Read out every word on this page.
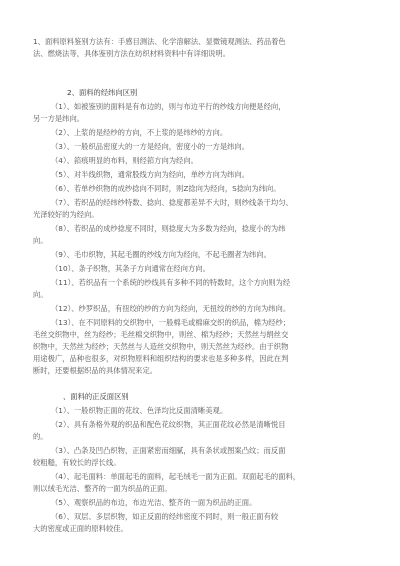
1、面料原料鉴别方法有：手感目测法、化学溶解法、显微镜观测法、药品着色
法、燃烧法等，具体鉴别方法在纺织材料资料中有详细说明。
2、面料的经纬向区别
（1）、如被鉴别的面料是有布边的，则与布边平行的纱线方向便是经向，
另一方是纬向。
（2）、上浆的是经纱的方向，不上浆的是纬纱的方向。
（3）、一般织品密度大的一方是经向，密度小的一方是纬向。
（4）、筘痕明显的布料，则经筘方向为经向。
（5）、对半线织物，通常股线方向为经向，单纱方向为纬向。
（6）、若单纱织物的成纱捻向不同时，则Z捻向为经向，S捻向为纬向。
（7）、若织品的经纬纱特数、捻向、捻度都差异不大时，则纱线条干均匀、
光泽较好的为经向。
（8）、若织品的成纱捻度不同时，则捻度大为多数为经向，捻度小的为纬
向。
（9）、毛巾织物，其起毛圈的纱线方向为经向，不起毛圈者为纬向。
（10）、条子织物，其条子方向通常在经向方向。
（11）、若织品有一个系统的纱线具有多种不同的特数时，这个方向则为经
向。
（12）、纱罗织品，有扭绞的纱的方向为经向，无扭绞的纱的方向为纬向。
（13）、在不同原料的交织物中，一般棉毛或棉麻交织的织品，棉为经纱；
毛丝交织物中，丝为经纱；毛丝棉交织物中，则丝、棉为经纱；天然丝与绢丝交
织物中，天然丝为经纱；天然丝与人造丝交织物中，则天然丝为经纱。由于织物
用途极广，品种也很多，对织物原料和组织结构的要求也是多种多样，因此在判
断时，还要根据织品的具体情况来定。
、面料的正反面区别
（1）、一般织物正面的花纹、色泽均比反面清晰美观。
（2）、具有条格外观的织品和配色花纹织物，其正面花纹必然是清晰悦目
的。
（3）、凸条及凹凸织物，正面紧密而细腻，具有条状或图案凸纹；而反面
较粗糙，有较长的浮长线。
（4）、起毛面料：单面起毛的面料，起毛绒毛一面为正面。双面起毛的面料，
则以绒毛光洁、整齐的一面为织品的正面。
（5）、观察织品的布边，布边光洁、整齐的一面为织品的正面。
（6）、双层、多层织物，如正反面的经纬密度不同时，则一般正面有较
大的密度或正面的原料较佳。
